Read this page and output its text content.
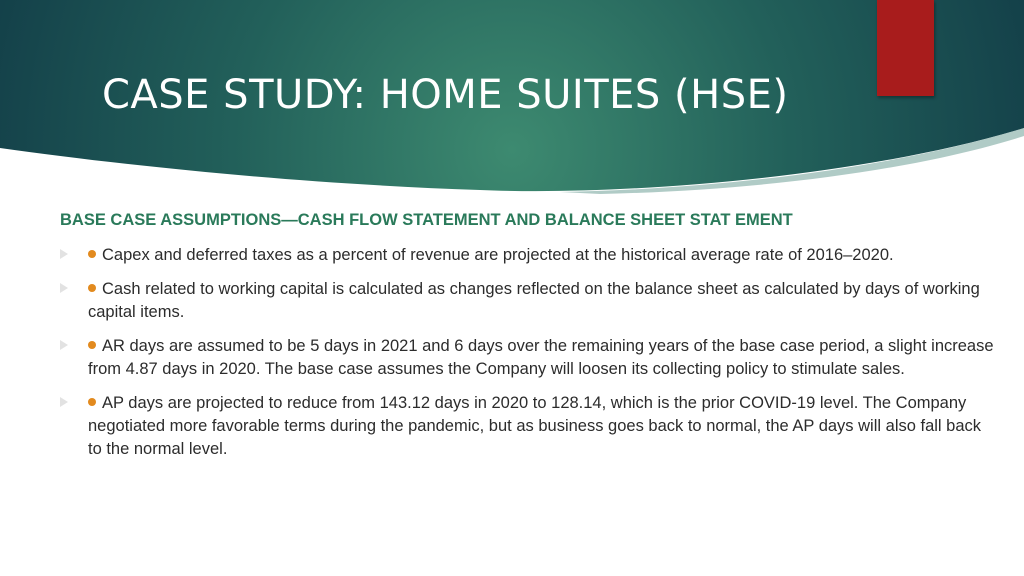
CASE STUDY: HOME SUITES (HSE)
BASE CASE ASSUMPTIONS—CASH FLOW STATEMENT AND BALANCE SHEET STAT EMENT
Capex and deferred taxes as a percent of revenue are projected at the historical average rate of 2016–2020.
Cash related to working capital is calculated as changes reflected on the balance sheet as calculated by days of working capital items.
AR days are assumed to be 5 days in 2021 and 6 days over the remaining years of the base case period, a slight increase from 4.87 days in 2020. The base case assumes the Company will loosen its collecting policy to stimulate sales.
AP days are projected to reduce from 143.12 days in 2020 to 128.14, which is the prior COVID-19 level. The Company negotiated more favorable terms during the pandemic, but as business goes back to normal, the AP days will also fall back to the normal level.
